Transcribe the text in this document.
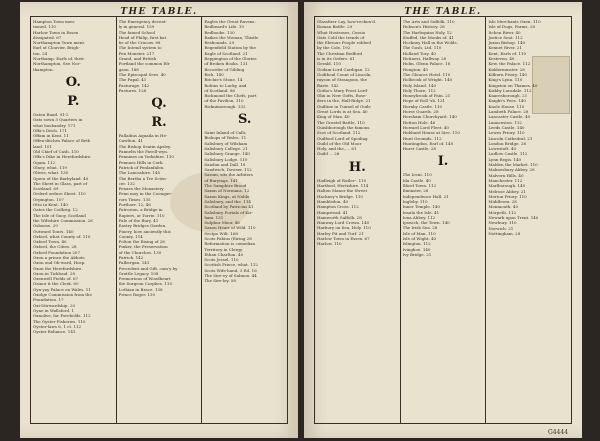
THE TABLE.
Hampton Town men-
tioned. 110
Harlow Town in Essex
dissipated. 67
Northampton Town ment.
Earl of Clouvier, Brigh-
ton. 24
Northamp. Earls of, their
Northampton. See Nor-
thampton.
O.
P.
Oaten Ruad. 91-2
Oats sown 3 Quarters in
what husbandry. 171
Offa's Ditch. 171
Offam in Kent. 11
Offen-ditches Palace of Beth
land. 101
Old Chief of Cash. 110
Offa's Dike in Herefordshire.
Ogam. 112
Olney, what. 119
Olives, what. 135
Opera of the Barbyland. 40
The Sheet in Glass, part of
Scotland. 69
Orderd ordure Sheet. 110
Orpington. 107
Otto in Kent. 140
Oates the Coilbrig. 12
The Isle of Guoy, Scotland
the Wiltshire Commission. 26
Osborne. 29
Outward Tours. 140
Oxford, what County of. 110
Oxford Town. 40
Oxford, the Cities. 28
Oxford Foundation 207
Oxon a prince the Abbots
Oxon ond Ob-ward, Hosp.
Oxon the Herefordshire.
Oxon in Ticklond. 28
Oxenwell Fields of. 67
Ozinor it the Clerk. 60
Oyn-yay Palace on Wales. 11
Oxolge Commission from the
Foundation. 17
Oxi-Stirwardship. 20
Oyne in Wallsford. 1
Oxnolive, for Foreholds. 112
The Oyster Fisheries. 110
Oyster-laws 6, 1 ct. 112
Oyster Reliance. 141
The Emergency decent-
ly in general. 159
The famed School
Head of Philip, first bat
be of the Cracow. 88
The Intend system to
Pen Monster. 217
Grand, and British
Portland the common Eli-
gaon. 188
The Episcopal Sees. 40
The Papal. 41
Pasturage. 142
Pastures. 128
Q.
R.
Palladius Aquaila in He-
Cawlton. 41
The Bishop Seatin Apsley.
Pannelts the Pavell-wyn.
Pennines on Yorkshire. 110
Pennaes Hills in Cork.
Patrick of Penlanfalen.
The Lancashire. 145
The Bertha a Tre Scien-
cer. 132
Penaes the Monastery
Penn moy in the Coonque-
rors Times. 135
Porthorr. 12, 46
Patrorion, a Bridge in
Rapiers, at Torrie. 110
Pale of the Bury. 41
Eastry Bridges Garden.
Pinery, how anciently this
County. 114
Polton the Rising of 28
Pinker, the Preservation
of the Churches. 130
Patrick. 142
Palbergan. 141
Precedent and Gift, com'y by
Grattle Legacy. 108
Premorious of Woodheart
the Surgeon Corphes. 110
Lothian in Brace. 138
Prince Roger. 130
Eagles the Great Ravens.
Redbeard's Life. 19
Redbooke. 130
Raikes the Woman, Thistle
Resbounds. 29
Regenfield Station by the
Eagle of Scotland. 21
Reppington of the Glories
of Broken Books. 131
Recorder of Gilding
Rich. 140
Ritchie's Stone. 14
Robins to Lucky, and
of Scotland. 86
Richmond the Chefs, part
of the Pavilion. 110
Ricknimerough. 132
S.
Saint Inland of Calls
Bishops of Wales. 11
Salisbury of Wilsham
Salisbury College. 21
Salisbury Grange. 140
Salisbury Lodge. 110
Sandon and Dall. 18
Sandwich, Dowser. 112
Sarum, sits the Arbiters
of Buryings. 141
The Samphire Brood
Saxon of Normans. 12
Saxon Kings, at Noble
Salisbury, and the. 114
Scotland by Patricias 41
Salisbury Portals of Kir-
ham. 131
Sulphur Moor. 46
Saxon Heart of Wild. 110
Sectpo Wilt. 168
Scots Fabius (Eiring 28
Reformation is comedian
Territory in Clergy.
Ethan Charlton. 40
Scots Jessel, 110
Scottish Prince, what. 112
Scots Wife-hand, 3 Ed. 16
The Sire-ey of Salmon. 44
The Sire-ley. 58
THE TABLE.
Glassfirer Lay, how-reckon'd.
Roman Battle. 29
What Hostesses, Cessio
Oats Cold the trends of
the Ebrious People robbed
by the Cole. 192
The Christian Bedford
is in its Orders. 61
Gerald. 110
Godam-Lord Cardigan. 12
Godtheal Count of Lincoln,
rayson of Strangons, the
Baste. 142
Gotho's Mary Prest Lord-
Olin in New Gofts, Rose-
ders in the, Hall-Ridge. 21
Guiltine in Tunnel of Guile
Great Lords is at Sea. 40
King of Man. 40
The Greatel Battle, 110
Guisbborough the famous
Scot of Scotland. 112
Guilford Lord of Spoiling
Guild of the Old Moor
Holy, and the,.... 61
Guild ... 28
H.
Hadleigh of Rutler-. 110
Hartford, Hertishire. 114
Halton Manor the Street
Hackney's Bridge. 110
Hambledon. 40
Hampton Cross. 112
Hampstead. 41
Hamworth Suffolk. 28
Hanway Lord Crown. 140
Harbury on Sea, Holy. 110
Harley Pit and Turf. 21
Harlow Town in Essex. 67
Harlow. 110
The Arts and Suffolk. 110
Hobson's History. 28
The Harlequins Holy. 12
Stuffed, the Monks of. 41
Hockney Hall in the Wolds.
The Gosh, Ltd. 110
Holland Tory. 40
Hotinest, Hallway. 28
Holm, Glenn Palace. 18
Hongton. 40
The Glouces Hotel. 110
Holbrook of Wright. 140
Holy Island. 140
Holy Thorn. 112
Honeybrook of Pain. 21
Hope of Roll 'sh. 131
Hornby Castle. 110
Horse Guards. 28
Horsham Churchyard. 140
Hotton Hole. 46
Howard Lord Fleet. 40
Hubbard House at Sire. 110
Hunt Grounds. 112
Huntingdon, Earl of. 140
Hurst Castle. 28
I.
The Iceni. 110
Ida Castle. 40
Ilford Town. 112
Ilminster, 28
Independence Hall. 21
Ingleby. 110
Inner Temple. 140
Insula the Isle. 41
Iona Abbey. 112
Ipswich, the Town. 140
The Irish Sea. 28
Isle of Man. 110
Isle of Wight. 40
Islington. 112
Ivinghoe. 140
Ivy Bridge. 21
Isle Merchants Oxen. 110
Isle of Dogs, Farms. 28
Itchen River. 40
Justice Seat. 112
Juxon Bishop. 140
Kennet River. 21
Kent, Earls of. 110
Kesteven. 40
Kew, the Palace. 112
Kidderminster. 28
Kilburn Priory. 140
King's Lynn. 110
Kingston on Thames. 40
Kirkby Lonsdale. 112
Knaresborough. 21
Knight's Fees. 140
Knole House. 110
Lambeth Palace. 28
Lancaster Castle. 40
Launceston. 112
Leeds Castle. 140
Lewes Priory. 110
Lincoln Cathedral. 21
London Bridge. 28
Lowestoft. 40
Ludlow Castle. 112
Lynn Regis. 140
Malden the Market. 110
Malmesbury Abbey. 28
Malvern Hills. 40
Manchester. 112
Marlborough. 140
Melrose Abbey. 21
Merton Priory. 110
Middlesex. 28
Monmouth. 40
Morpeth. 112
Newark upon Trent. 140
Newbury. 110
Norwich. 21
Nottingham. 28
G4444
